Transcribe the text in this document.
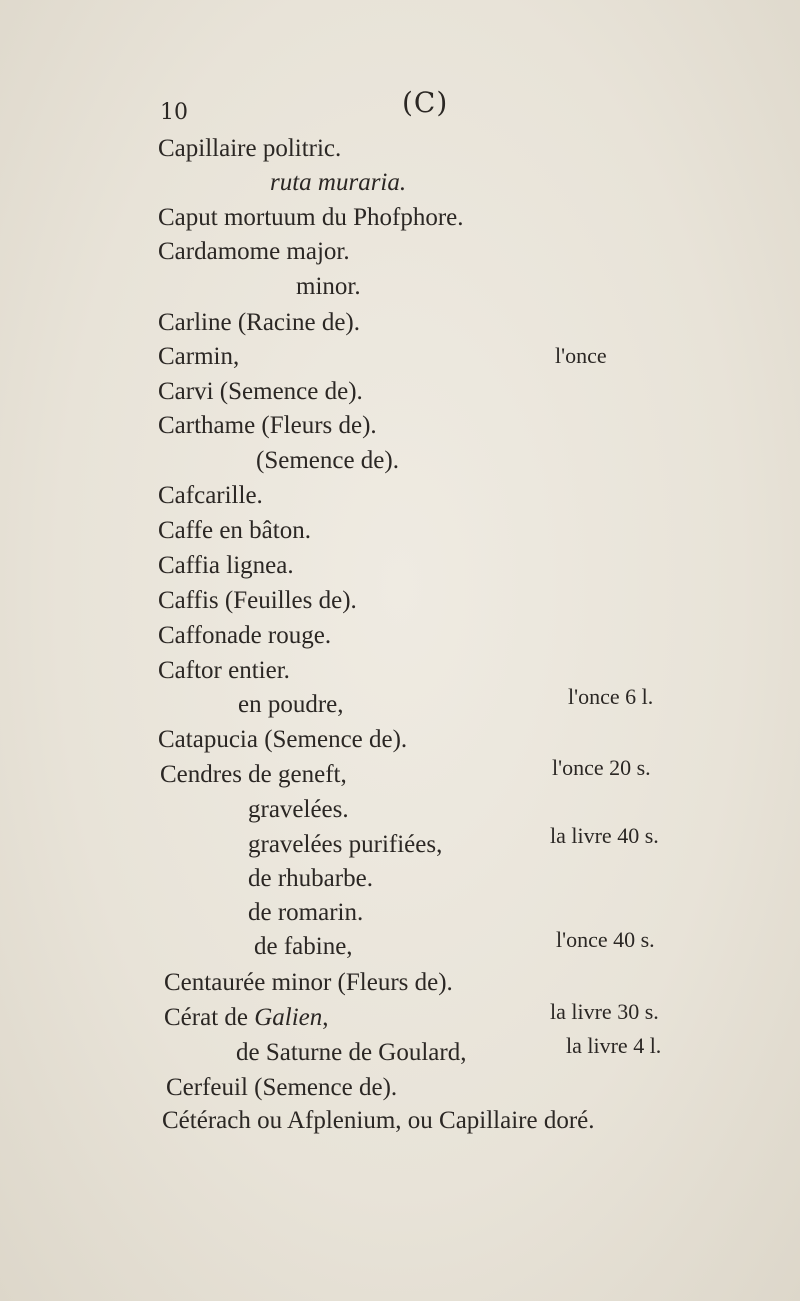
10	(C)
Capillaire politric.
ruta muraria.
Caput mortuum du Phofphore.
Cardamome major.
minor.
Carline (Racine de).
Carmin,	l'once
Carvi (Semence de).
Carthame (Fleurs de).
(Semence de).
Cafcarille.
Caffe en bâton.
Caffia lignea.
Caffis (Feuilles de).
Caffonade rouge.
Caftor entier.
en poudre,	l'once 6 l.
Catapucia (Semence de).
Cendres de geneft,	l'once 20 s.
gravelées.
gravelées purifiées,	la livre 40 s.
de rhubarbe.
de romarin.
de fabine,	l'once 40 s.
Centaurée minor (Fleurs de).
Cérat de Galien,	la livre 30 s.
de Saturne de Goulard,	la livre 4 l.
Cerfeuil (Semence de).
Cétérach ou Afplenium, ou Capillaire doré.
